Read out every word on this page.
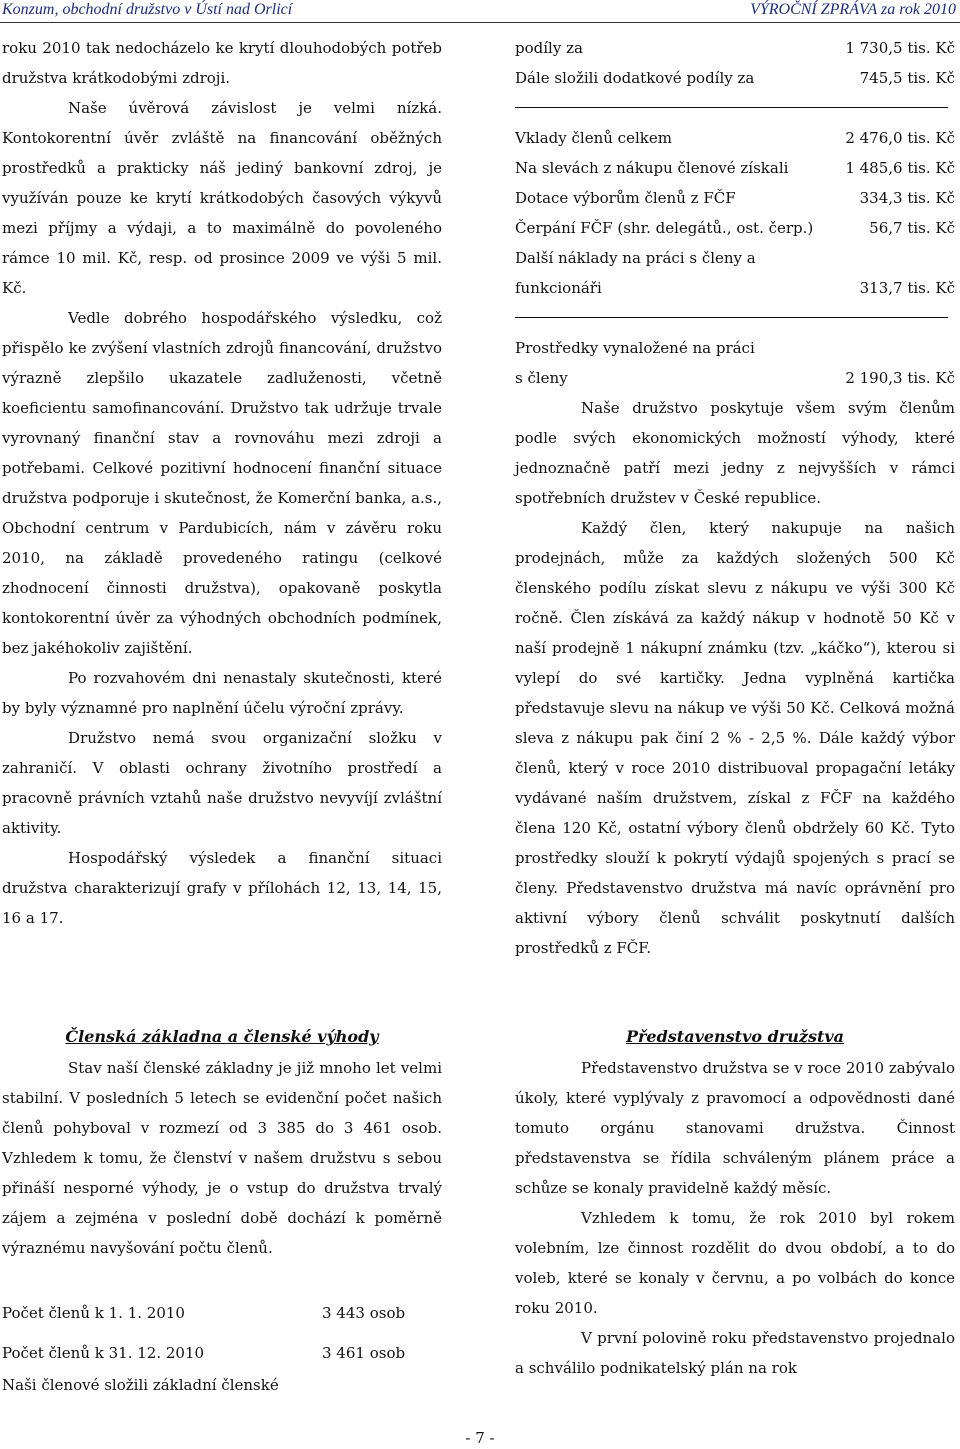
Konzum, obchodní družstvo v Ústí nad Orlicí	VÝROČNÍ ZPRÁVA za rok 2010

roku 2010 tak nedocházelo ke krytí dlouhodobých potřeb družstva krátkodobými zdroji.

Naše úvěrová závislost je velmi nízká. Kontokorentní úvěr zvláště na financování oběžných prostředků a prakticky náš jediný bankovní zdroj, je využíván pouze ke krytí krátkodobých časových výkyvů mezi příjmy a výdaji, a to maximálně do povoleného rámce 10 mil. Kč, resp. od prosince 2009 ve výši 5 mil. Kč.

Vedle dobrého hospodářského výsledku, což přispělo ke zvýšení vlastních zdrojů financování, družstvo výrazně zlepšilo ukazatele zadluženosti, včetně koeficientu samofinancování. Družstvo tak udržuje trvale vyrovnaný finanční stav a rovnováhu mezi zdroji a potřebami. Celkové pozitivní hodnocení finanční situace družstva podporuje i skutečnost, že Komerční banka, a.s., Obchodní centrum v Pardubicích, nám v závěru roku 2010, na základě provedeného ratingu (celkové zhodnocení činnosti družstva), opakovaně poskytla kontokorentní úvěr za výhodných obchodních podmínek, bez jakéhokoliv zajištění.

Po rozvahovém dni nenastaly skutečnosti, které by byly významné pro naplnění účelu výroční zprávy.

Družstvo nemá svou organizační složku v zahraničí. V oblasti ochrany životního prostředí a pracovně právních vztahů naše družstvo nevyvíjí zvláštní aktivity.

Hospodářský výsledek a finanční situaci družstva charakterizují grafy v přílohách 12, 13, 14, 15, 16 a 17.

podíly za	1 730,5 tis. Kč
Dále složili dodatkové podíly za	745,5 tis. Kč
Vklady členů celkem	2 476,0 tis. Kč
Na slevách z nákupu členové získali	1 485,6 tis. Kč
Dotace výborům členů z FČF	334,3 tis. Kč
Čerpání FČF (shr. delegátů., ost. čerp.)	56,7 tis. Kč
Další náklady na práci s členy a
funkcionáři	313,7 tis. Kč
Prostředky vynaložené na práci
s členy	2 190,3 tis. Kč

Naše družstvo poskytuje všem svým členům podle svých ekonomických možností výhody, které jednoznačně patří mezi jedny z nejvyšších v rámci spotřebních družstev v České republice.

Každý člen, který nakupuje na našich prodejnách, může za každých složených 500 Kč členského podílu získat slevu z nákupu ve výši 300 Kč ročně. Člen získává za každý nákup v hodnotě 50 Kč v naší prodejně 1 nákupní známku (tzv. „káčko“), kterou si vylepí do své kartičky. Jedna vyplněná kartička představuje slevu na nákup ve výši 50 Kč. Celková možná sleva z nákupu pak činí 2 % - 2,5 %. Dále každý výbor členů, který v roce 2010 distribuoval propagační letáky vydávané naším družstvem, získal z FČF na každého člena 120 Kč, ostatní výbory členů obdržely 60 Kč. Tyto prostředky slouží k pokrytí výdajů spojených s prací se členy. Představenstvo družstva má navíc oprávnění pro aktivní výbory členů schválit poskytnutí dalších prostředků z FČF.

Členská základna a členské výhody

Stav naší členské základny je již mnoho let velmi stabilní. V posledních 5 letech se evidenční počet našich členů pohyboval v rozmezí od 3 385 do 3 461 osob. Vzhledem k tomu, že členství v našem družstvu s sebou přináší nesporné výhody, je o vstup do družstva trvalý zájem a zejména v poslední době dochází k poměrně výraznému navyšování počtu členů.

Počet členů k 1. 1. 2010	3 443 osob
Počet členů k 31. 12. 2010	3 461 osob

Naši členové složili základní členské

Představenstvo družstva

Představenstvo družstva se v roce 2010 zabývalo úkoly, které vyplývaly z pravomocí a odpovědnosti dané tomuto orgánu stanovami družstva. Činnost představenstva se řídila schváleným plánem práce a schůze se konaly pravidelně každý měsíc.

Vzhledem k tomu, že rok 2010 byl rokem volebním, lze činnost rozdělit do dvou období, a to do voleb, které se konaly v červnu, a po volbách do konce roku 2010.

V první polovině roku představenstvo projednalo a schválilo podnikatelský plán na rok

- 7 -
